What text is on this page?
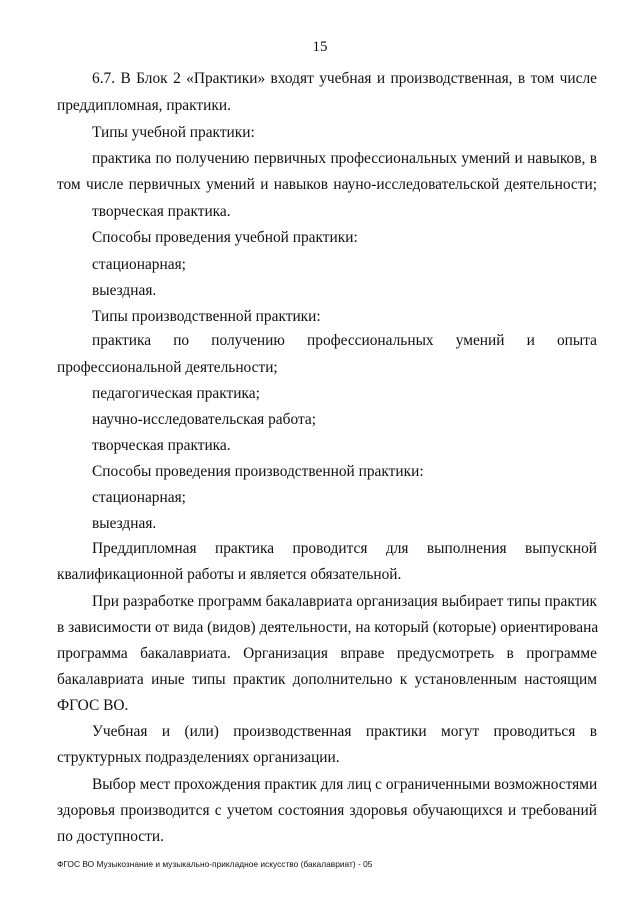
15
6.7. В Блок 2 «Практики» входят учебная и производственная, в том числе
преддипломная, практики.
Типы учебной практики:
практика по получению первичных профессиональных умений и навыков, в
том числе первичных умений и навыков науно-исследовательской деятельности;
творческая практика.
Способы проведения учебной практики:
стационарная;
выездная.
Типы производственной практики:
практика по получению профессиональных умений и опыта
профессиональной деятельности;
педагогическая практика;
научно-исследовательская работа;
творческая практика.
Способы проведения производственной практики:
стационарная;
выездная.
Преддипломная практика проводится для выполнения выпускной
квалификационной работы и является обязательной.
При разработке программ бакалавриата организация выбирает типы практик
в зависимости от вида (видов) деятельности, на который (которые) ориентирована
программа бакалавриата. Организация вправе предусмотреть в программе
бакалавриата иные типы практик дополнительно к установленным настоящим
ФГОС ВО.
Учебная и (или) производственная практики могут проводиться в
структурных подразделениях организации.
Выбор мест прохождения практик для лиц с ограниченными возможностями
здоровья производится с учетом состояния здоровья обучающихся и требований
по доступности.
ФГОС ВО Музыкознание и музыкально-прикладное искусство (бакалавриат) - 05
